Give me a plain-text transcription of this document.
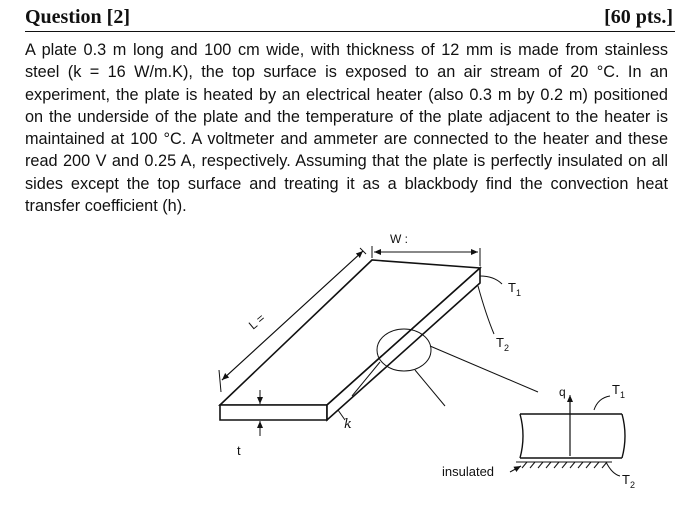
Question [2]	[60 pts.]
A plate 0.3 m long and 100 cm wide, with thickness of 12 mm is made from stainless steel (k = 16 W/m.K), the top surface is exposed to an air stream of 20 °C. In an experiment, the plate is heated by an electrical heater (also 0.3 m by 0.2 m) positioned on the underside of the plate and the temperature of the plate adjacent to the heater is maintained at 100 °C. A voltmeter and ammeter are connected to the heater and these read 200 V and 0.25 A, respectively. Assuming that the plate is perfectly insulated on all sides except the top surface and treating it as a blackbody find the convection heat transfer coefficient (h).
W :
L =
t
k
$T_1$
$T_2$
q	$T_1$
$T_2$
insulated
